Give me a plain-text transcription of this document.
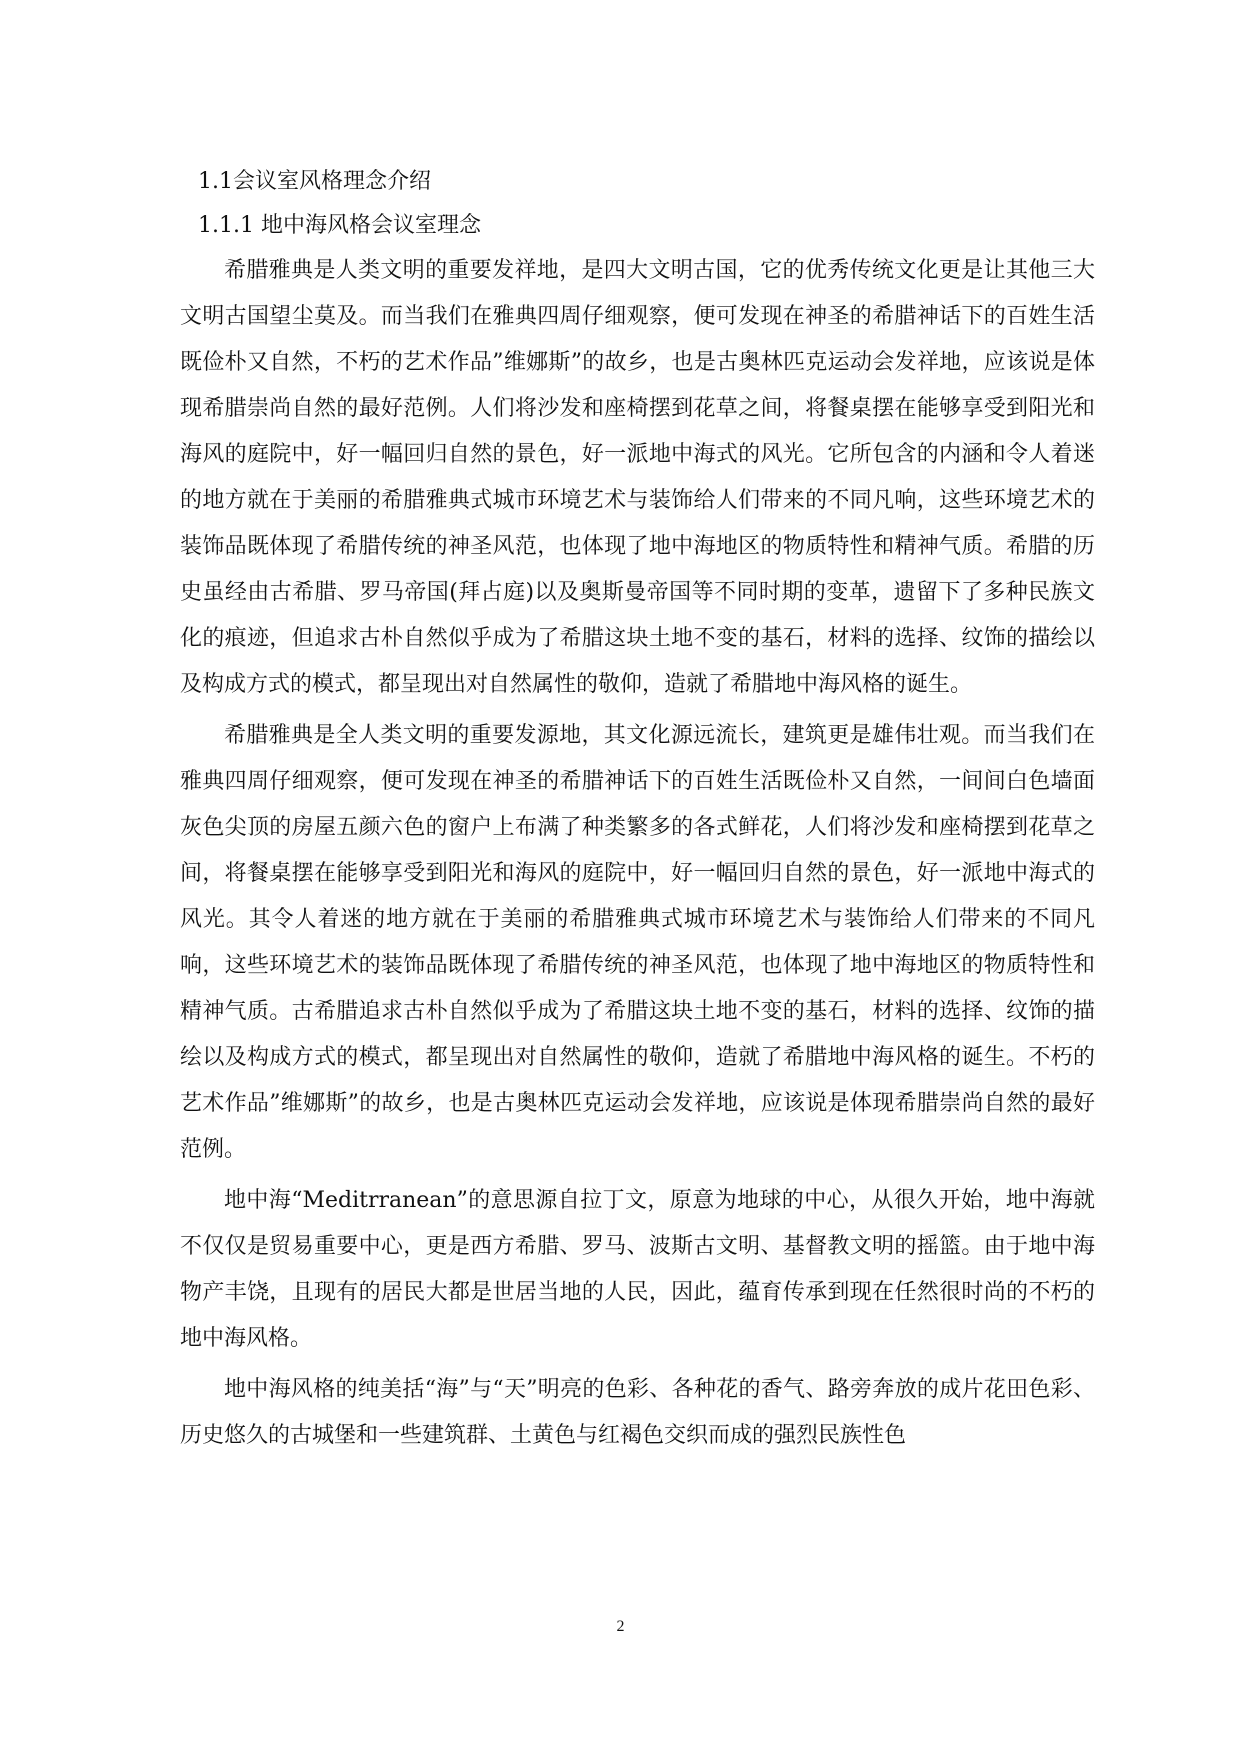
1.1会议室风格理念介绍

1.1.1 地中海风格会议室理念

希腊雅典是人类文明的重要发祥地，是四大文明古国，它的优秀传统文化更是让其他三大文明古国望尘莫及。而当我们在雅典四周仔细观察，便可发现在神圣的希腊神话下的百姓生活既俭朴又自然，不朽的艺术作品”维娜斯”的故乡，也是古奥林匹克运动会发祥地，应该说是体现希腊崇尚自然的最好范例。人们将沙发和座椅摆到花草之间，将餐桌摆在能够享受到阳光和海风的庭院中，好一幅回归自然的景色，好一派地中海式的风光。它所包含的内涵和令人着迷的地方就在于美丽的希腊雅典式城市环境艺术与装饰给人们带来的不同凡响，这些环境艺术的装饰品既体现了希腊传统的神圣风范，也体现了地中海地区的物质特性和精神气质。希腊的历史虽经由古希腊、罗马帝国(拜占庭)以及奥斯曼帝国等不同时期的变革，遗留下了多种民族文化的痕迹，但追求古朴自然似乎成为了希腊这块土地不变的基石，材料的选择、纹饰的描绘以及构成方式的模式，都呈现出对自然属性的敬仰，造就了希腊地中海风格的诞生。

希腊雅典是全人类文明的重要发源地，其文化源远流长，建筑更是雄伟壮观。而当我们在雅典四周仔细观察，便可发现在神圣的希腊神话下的百姓生活既俭朴又自然，一间间白色墙面灰色尖顶的房屋五颜六色的窗户上布满了种类繁多的各式鲜花，人们将沙发和座椅摆到花草之间，将餐桌摆在能够享受到阳光和海风的庭院中，好一幅回归自然的景色，好一派地中海式的风光。其令人着迷的地方就在于美丽的希腊雅典式城市环境艺术与装饰给人们带来的不同凡响，这些环境艺术的装饰品既体现了希腊传统的神圣风范，也体现了地中海地区的物质特性和精神气质。古希腊追求古朴自然似乎成为了希腊这块土地不变的基石，材料的选择、纹饰的描绘以及构成方式的模式，都呈现出对自然属性的敬仰，造就了希腊地中海风格的诞生。不朽的艺术作品”维娜斯”的故乡，也是古奥林匹克运动会发祥地，应该说是体现希腊崇尚自然的最好范例。

地中海“Meditrranean”的意思源自拉丁文，原意为地球的中心，从很久开始，地中海就不仅仅是贸易重要中心，更是西方希腊、罗马、波斯古文明、基督教文明的摇篮。由于地中海物产丰饶，且现有的居民大都是世居当地的人民，因此，蕴育传承到现在任然很时尚的不朽的地中海风格。

地中海风格的纯美括“海”与“天”明亮的色彩、各种花的香气、路旁奔放的成片花田色彩、历史悠久的古城堡和一些建筑群、土黄色与红褐色交织而成的强烈民族性色

2
